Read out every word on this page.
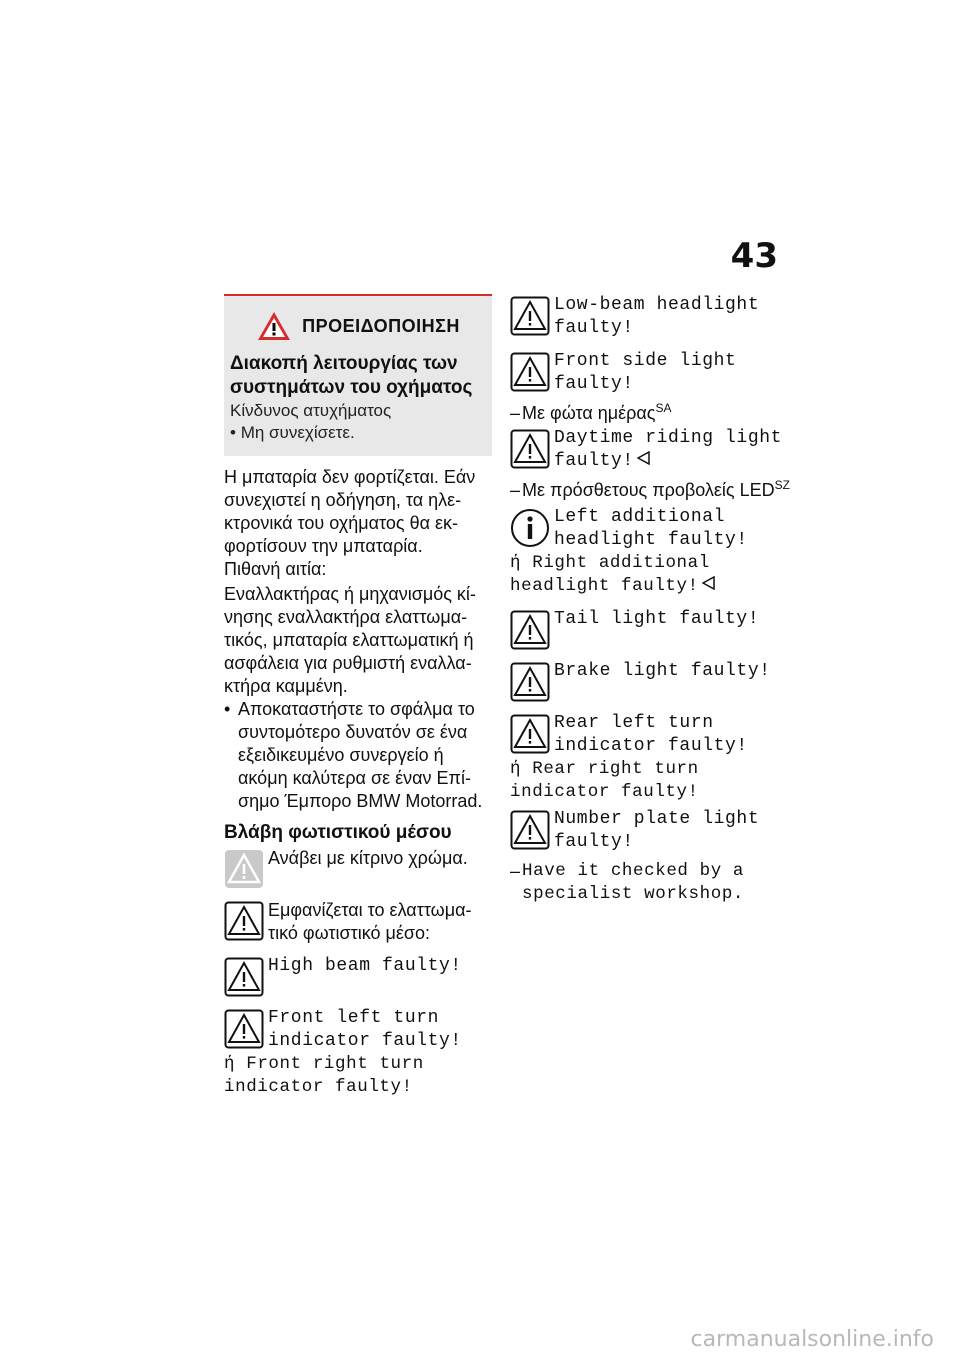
43
ΠΡΟΕΙΔΟΠΟΙΗΣΗ
Διακοπή λειτουργίας των συστημάτων του οχήματος
Κίνδυνος ατυχήματος
• Μη συνεχίσετε.
Η μπαταρία δεν φορτίζεται. Εάν συνεχιστεί η οδήγηση, τα ηλεκτρονικά του οχήματος θα εκφορτίσουν την μπαταρία.
Πιθανή αιτία:
Εναλλακτήρας ή μηχανισμός κίνησης εναλλακτήρα ελαττωματικός, μπαταρία ελαττωματική ή ασφάλεια για ρυθμιστή εναλλακτήρα καμμένη.
• Αποκαταστήστε το σφάλμα το συντομότερο δυνατόν σε ένα εξειδικευμένο συνεργείο ή ακόμη καλύτερα σε έναν Επίσημο Έμπορο BMW Motorrad.
Βλάβη φωτιστικού μέσου
Ανάβει με κίτρινο χρώμα.
Εμφανίζεται το ελαττωματικό φωτιστικό μέσο:
High beam faulty!
Front left turn indicator faulty!
ή Front right turn indicator faulty!
Low-beam headlight faulty!
Front side light faulty!
– Με φώτα ημέρας$^{SA}$
Daytime riding light faulty!
– Με πρόσθετους προβολείς $LED^{SZ}$
Left additional headlight faulty!
ή Right additional headlight faulty!
Tail light faulty!
Brake light faulty!
Rear left turn indicator faulty!
ή Rear right turn indicator faulty!
Number plate light faulty!
– Have it checked by a specialist workshop.
carmanualsonline.info
